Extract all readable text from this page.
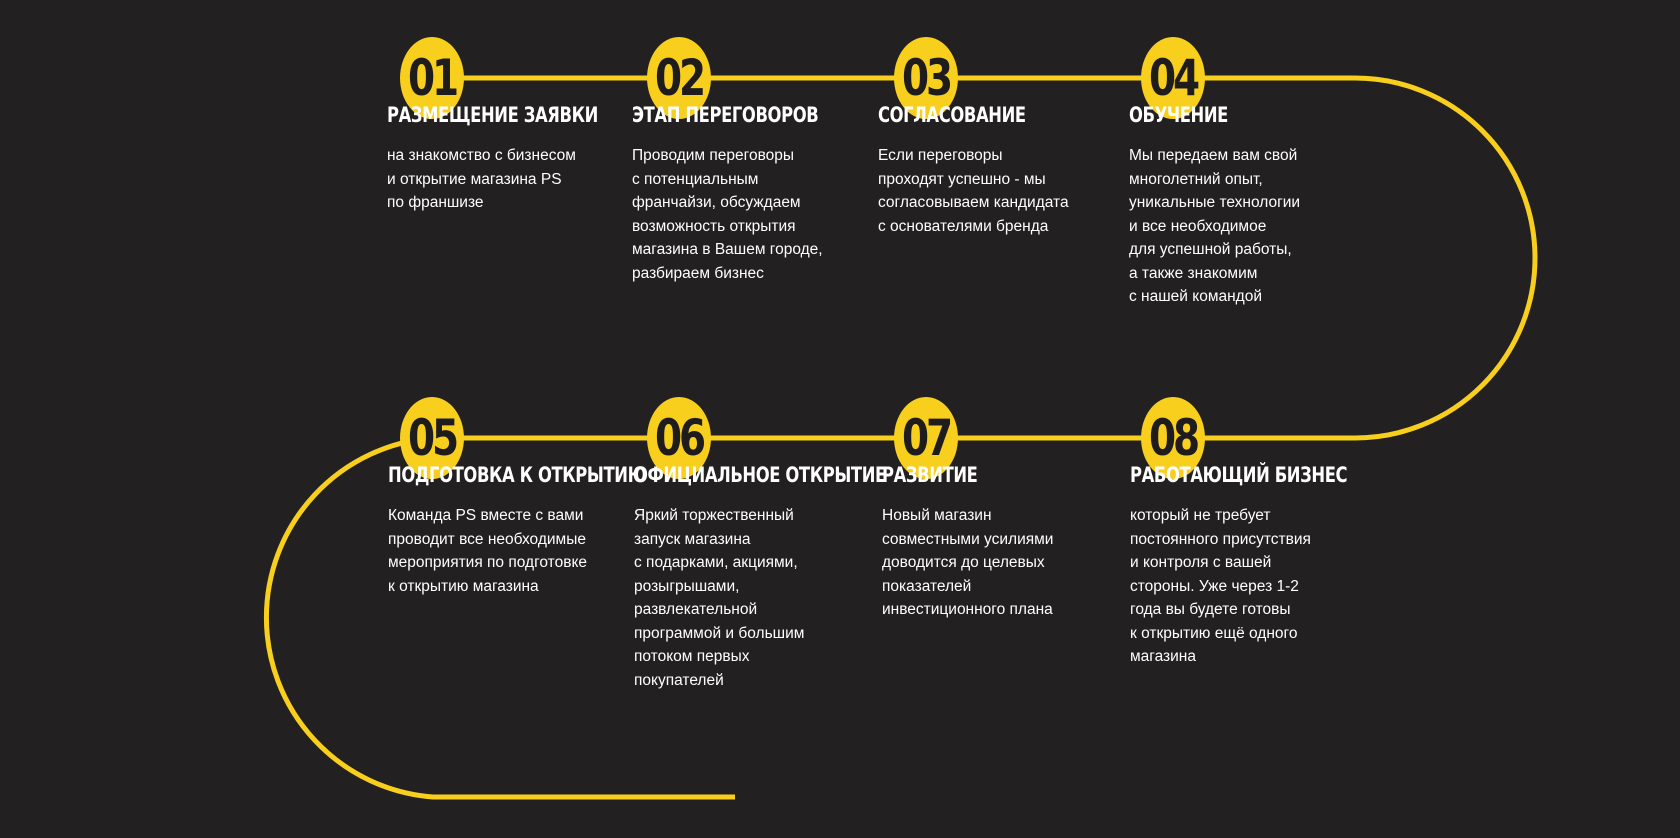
01
РАЗМЕЩЕНИЕ ЗАЯВКИ
на знакомство с бизнесом
и открытие магазина PS
по франшизе
02
ЭТАП ПЕРЕГОВОРОВ
Проводим переговоры
с потенциальным
франчайзи, обсуждаем
возможность открытия
магазина в Вашем городе,
разбираем бизнес
03
СОГЛАСОВАНИЕ
Если переговоры
проходят успешно - мы
согласовываем кандидата
с основателями бренда
04
ОБУЧЕНИЕ
Мы передаем вам свой
многолетний опыт,
уникальные технологии
и все необходимое
для успешной работы,
а также знакомим
с нашей командой
05
ПОДГОТОВКА К ОТКРЫТИЮ
Команда PS вместе с вами
проводит все необходимые
мероприятия по подготовке
к открытию магазина
06
ОФИЦИАЛЬНОЕ ОТКРЫТИЕ
Яркий торжественный
запуск магазина
с подарками, акциями,
розыгрышами,
развлекательной
программой и большим
потоком первых
покупателей
07
РАЗВИТИЕ
Новый магазин
совместными усилиями
доводится до целевых
показателей
инвестиционного плана
08
РАБОТАЮЩИЙ БИЗНЕС
который не требует
постоянного присутствия
и контроля с вашей
стороны. Уже через 1-2
года вы будете готовы
к открытию ещё одного
магазина
